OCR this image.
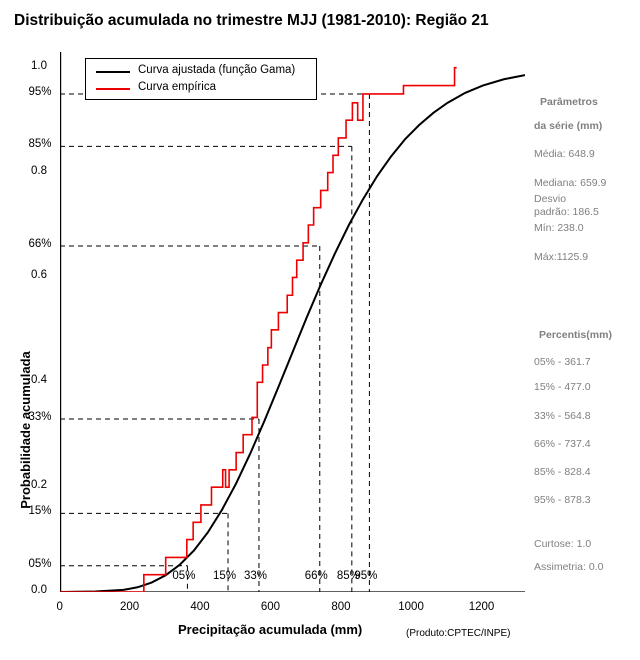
Distribuição acumulada no trimestre MJJ (1981-2010): Região 21
0	200	400	600	800	1000	1200
0.0
0.2
0.4
0.6
0.8
1.0
05%
15%
33%
66%
85%
95%
05% 15% 33%	66% 85%
95%
Probabilidade acumulada
Precipitação acumulada (mm)	(Produto:CPTEC/INPE)
Curva ajustada (função Gama)
Curva empírica
Parâmetros
da série (mm)
Média: 648.9
Mediana: 659.9
Desvio
padrão: 186.5
Mín: 238.0
Máx:1125.9
Percentis(mm)
05% - 361.7
15% - 477.0
33% - 564.8
66% - 737.4
85% - 828.4
95% - 878.3
Curtose: 1.0
Assimetria: 0.0
